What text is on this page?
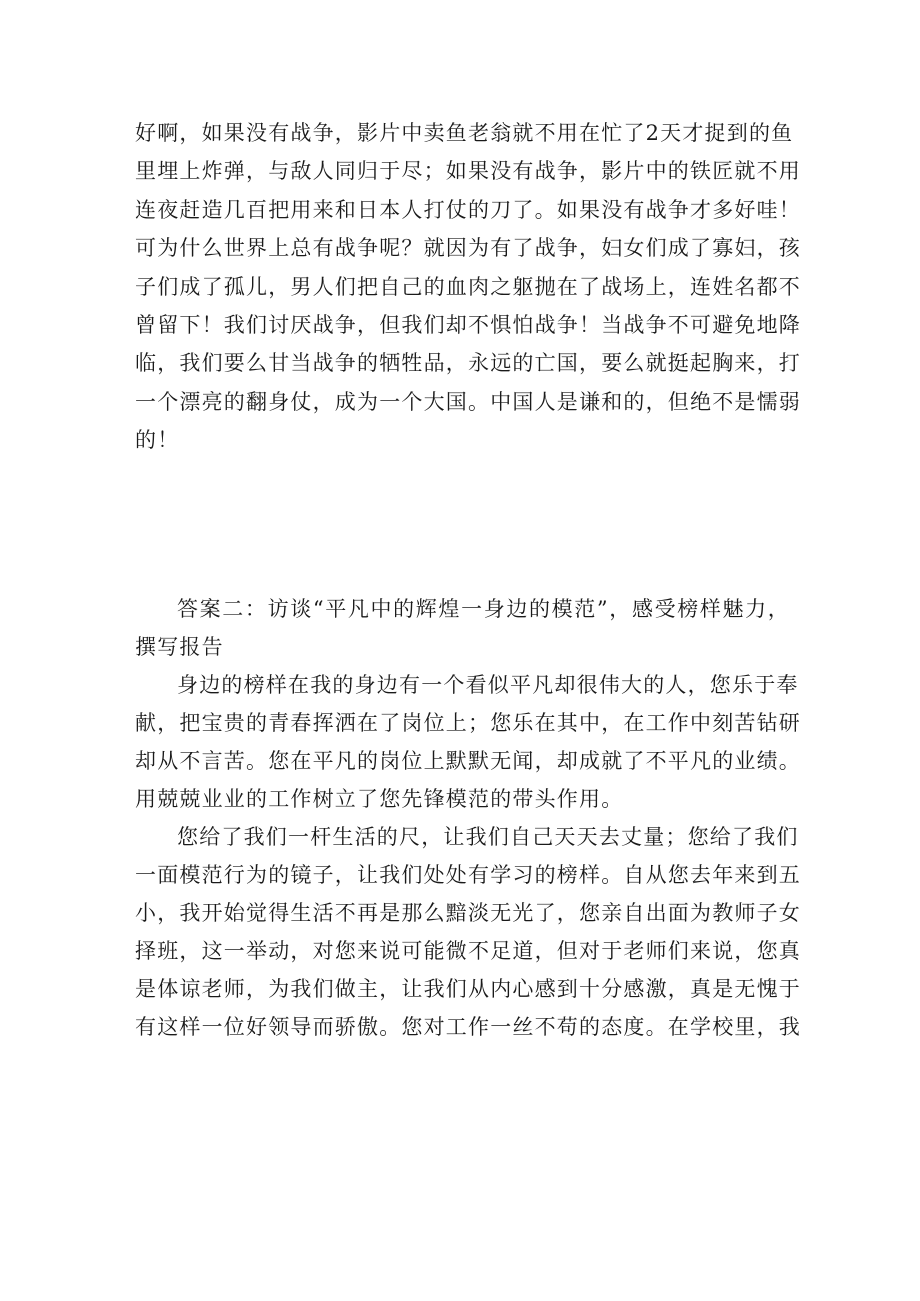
好啊，如果没有战争，影片中卖鱼老翁就不用在忙了2天才捉到的鱼

里埋上炸弹，与敌人同归于尽；如果没有战争，影片中的铁匠就不用

连夜赶造几百把用来和日本人打仗的刀了。如果没有战争才多好哇！

可为什么世界上总有战争呢？就因为有了战争，妇女们成了寡妇，孩

子们成了孤儿，男人们把自己的血肉之躯抛在了战场上，连姓名都不

曾留下！我们讨厌战争，但我们却不惧怕战争！当战争不可避免地降

临，我们要么甘当战争的牺牲品，永远的亡国，要么就挺起胸来，打

一个漂亮的翻身仗，成为一个大国。中国人是谦和的，但绝不是懦弱

的！

答案二：访谈“平凡中的辉煌一身边的模范”，感受榜样魅力，

撰写报告

身边的榜样在我的身边有一个看似平凡却很伟大的人，您乐于奉

献，把宝贵的青春挥洒在了岗位上；您乐在其中，在工作中刻苦钻研

却从不言苦。您在平凡的岗位上默默无闻，却成就了不平凡的业绩。

用兢兢业业的工作树立了您先锋模范的带头作用。

您给了我们一杆生活的尺，让我们自己天天去丈量；您给了我们

一面模范行为的镜子，让我们处处有学习的榜样。自从您去年来到五

小，我开始觉得生活不再是那么黯淡无光了，您亲自出面为教师子女

择班，这一举动，对您来说可能微不足道，但对于老师们来说，您真

是体谅老师，为我们做主，让我们从内心感到十分感激，真是无愧于

有这样一位好领导而骄傲。您对工作一丝不苟的态度。在学校里，我
